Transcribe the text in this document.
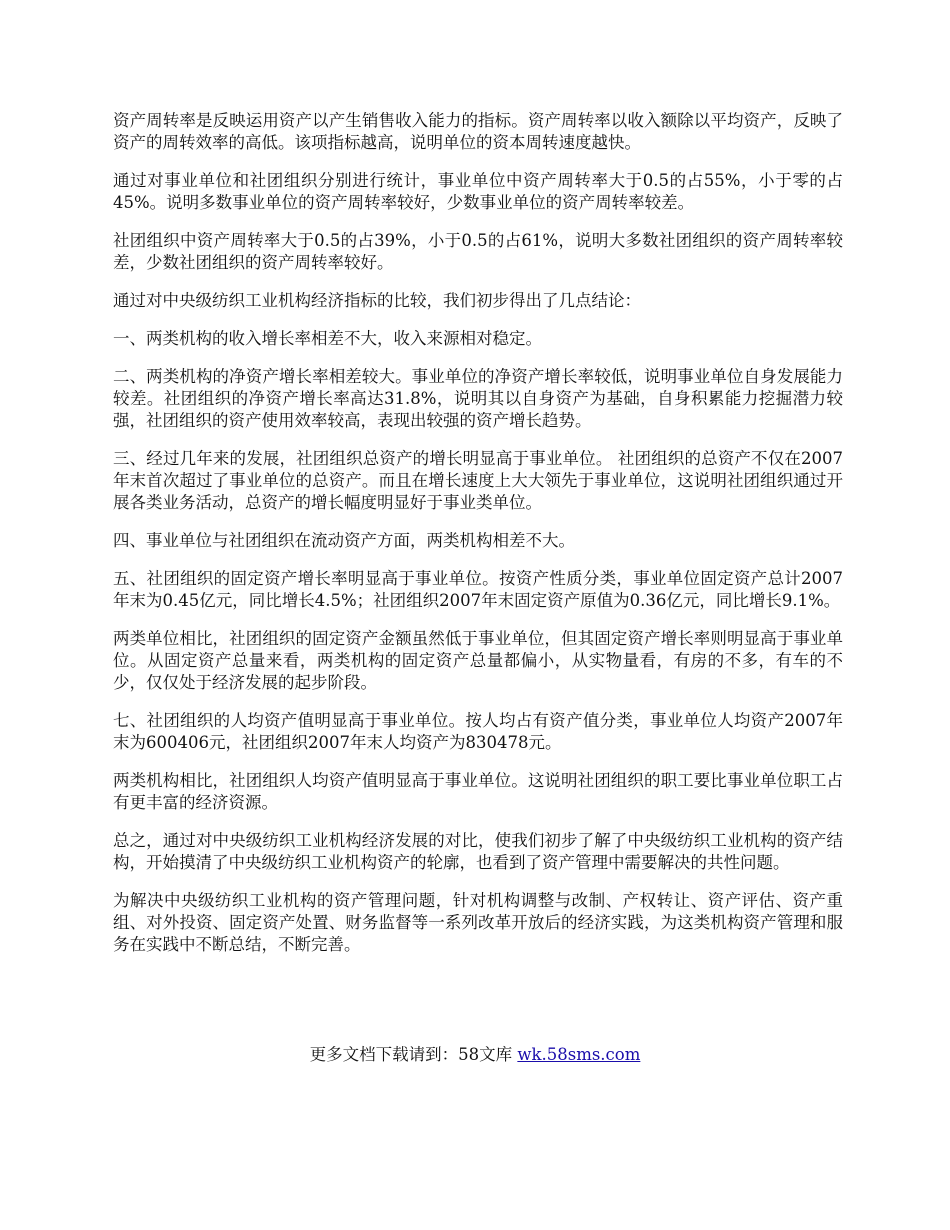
资产周转率是反映运用资产以产生销售收入能力的指标。资产周转率以收入额除以平均资产，反映了资产的周转效率的高低。该项指标越高，说明单位的资本周转速度越快。

通过对事业单位和社团组织分别进行统计，事业单位中资产周转率大于0.5的占55%，小于零的占45%。说明多数事业单位的资产周转率较好，少数事业单位的资产周转率较差。

社团组织中资产周转率大于0.5的占39%，小于0.5的占61%，说明大多数社团组织的资产周转率较差，少数社团组织的资产周转率较好。

通过对中央级纺织工业机构经济指标的比较，我们初步得出了几点结论：

一、两类机构的收入增长率相差不大，收入来源相对稳定。

二、两类机构的净资产增长率相差较大。事业单位的净资产增长率较低，说明事业单位自身发展能力较差。社团组织的净资产增长率高达31.8%，说明其以自身资产为基础，自身积累能力挖掘潜力较强，社团组织的资产使用效率较高，表现出较强的资产增长趋势。

三、经过几年来的发展，社团组织总资产的增长明显高于事业单位。 社团组织的总资产不仅在2007年末首次超过了事业单位的总资产。而且在增长速度上大大领先于事业单位，这说明社团组织通过开展各类业务活动，总资产的增长幅度明显好于事业类单位。

四、事业单位与社团组织在流动资产方面，两类机构相差不大。

五、社团组织的固定资产增长率明显高于事业单位。按资产性质分类，事业单位固定资产总计2007年末为0.45亿元，同比增长4.5%；社团组织2007年末固定资产原值为0.36亿元，同比增长9.1%。

两类单位相比，社团组织的固定资产金额虽然低于事业单位，但其固定资产增长率则明显高于事业单位。从固定资产总量来看，两类机构的固定资产总量都偏小，从实物量看，有房的不多，有车的不少，仅仅处于经济发展的起步阶段。

七、社团组织的人均资产值明显高于事业单位。按人均占有资产值分类，事业单位人均资产2007年末为600406元，社团组织2007年末人均资产为830478元。

两类机构相比，社团组织人均资产值明显高于事业单位。这说明社团组织的职工要比事业单位职工占有更丰富的经济资源。

总之，通过对中央级纺织工业机构经济发展的对比，使我们初步了解了中央级纺织工业机构的资产结构，开始摸清了中央级纺织工业机构资产的轮廓，也看到了资产管理中需要解决的共性问题。

为解决中央级纺织工业机构的资产管理问题，针对机构调整与改制、产权转让、资产评估、资产重组、对外投资、固定资产处置、财务监督等一系列改革开放后的经济实践，为这类机构资产管理和服务在实践中不断总结，不断完善。

更多文档下载请到：58文库 wk.58sms.com
